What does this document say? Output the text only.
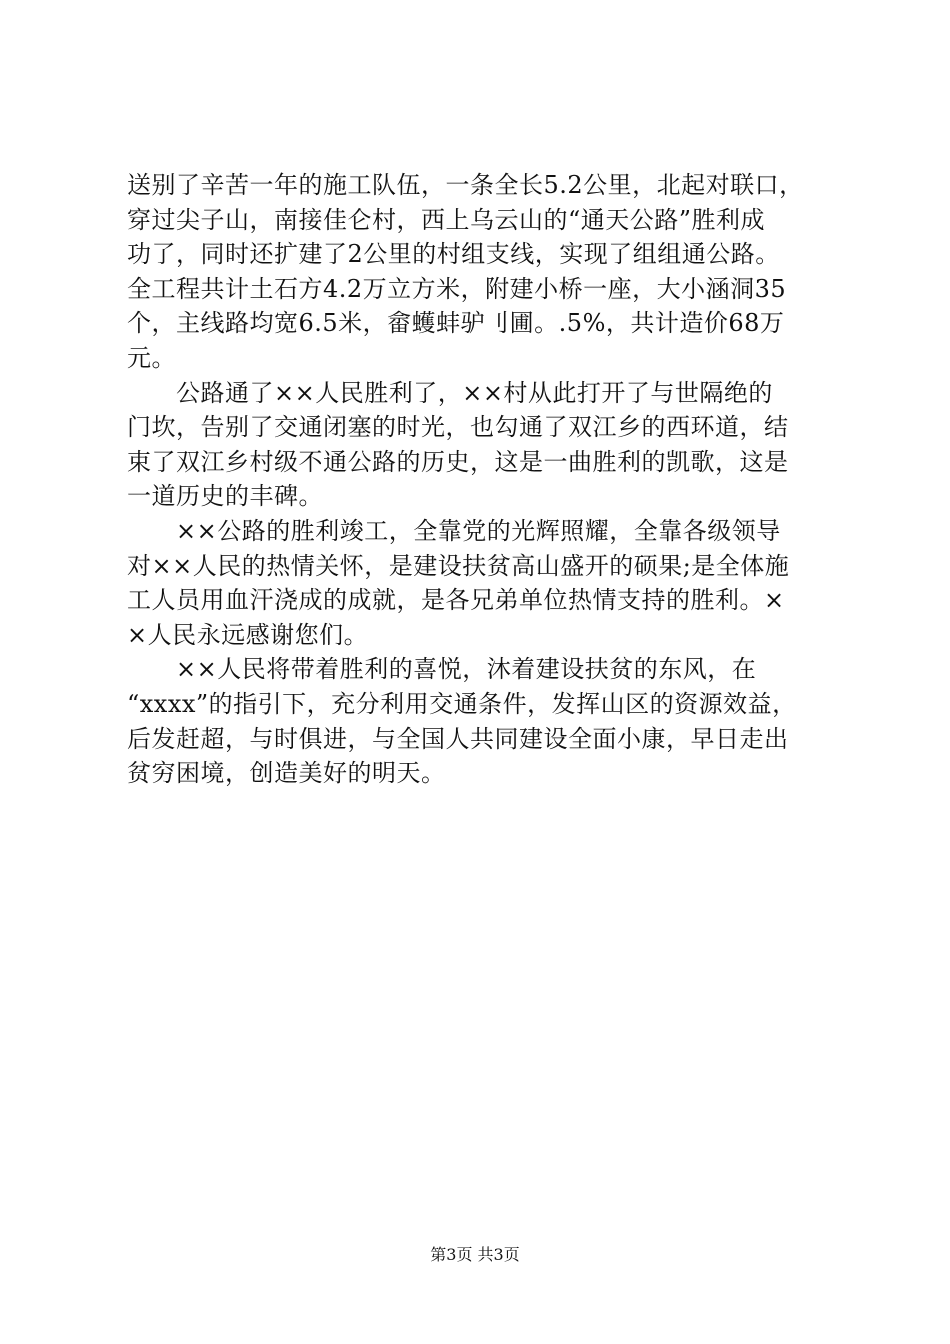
送别了辛苦一年的施工队伍，一条全长5.2公里，北起对联口，

穿过尖子山，南接佳仑村，西上乌云山的“通天公路”胜利成

功了，同时还扩建了2公里的村组支线，实现了组组通公路。

全工程共计土石方4.2万立方米，附建小桥一座，大小涵洞35

个，主线路均宽6.5米，畲蠖蚌驴刂圃。.5%，共计造价68万

元。

　　公路通了××人民胜利了，××村从此打开了与世隔绝的

门坎，告别了交通闭塞的时光，也勾通了双江乡的西环道，结

束了双江乡村级不通公路的历史，这是一曲胜利的凯歌，这是

一道历史的丰碑。

　　××公路的胜利竣工，全靠党的光辉照耀，全靠各级领导

对××人民的热情关怀，是建设扶贫高山盛开的硕果;是全体施

工人员用血汗浇成的成就，是各兄弟单位热情支持的胜利。×

×人民永远感谢您们。

　　××人民将带着胜利的喜悦，沐着建设扶贫的东风，在

“xxxx”的指引下，充分利用交通条件，发挥山区的资源效益，

后发赶超，与时俱进，与全国人共同建设全面小康，早日走出

贫穷困境，创造美好的明天。

第3页 共3页
